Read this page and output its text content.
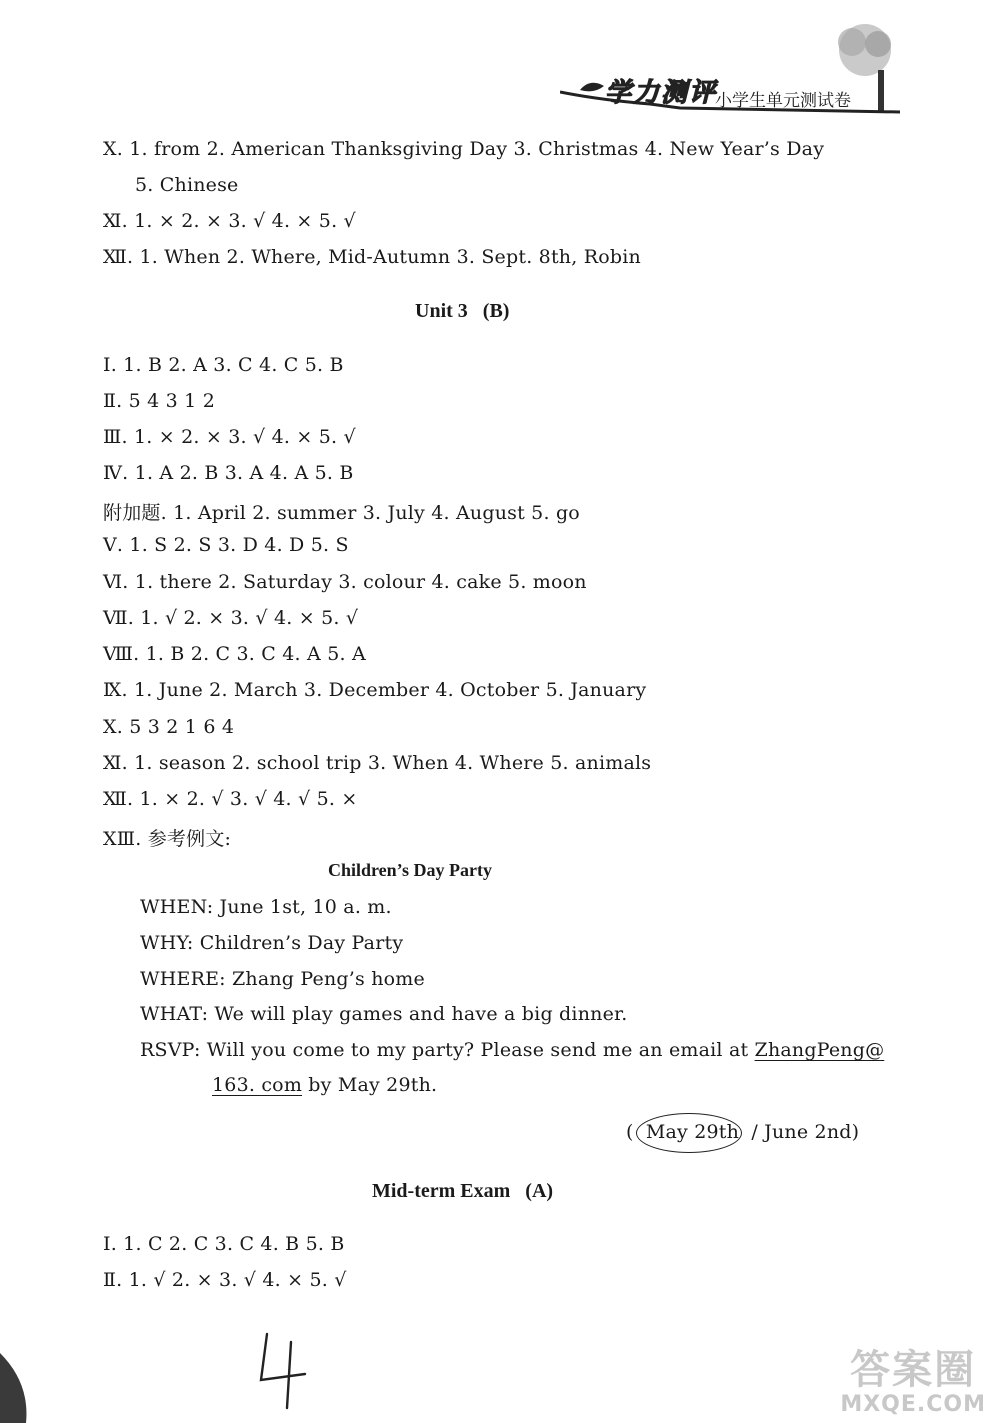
学力测评
小学生单元测试卷
Ⅹ. 1. from 2. American Thanksgiving Day 3. Christmas 4. New Year’s Day
5. Chinese
Ⅺ. 1. × 2. × 3. √ 4. × 5. √
Ⅻ. 1. When 2. Where, Mid-Autumn 3. Sept. 8th, Robin
Ⅰ. 1. B 2. A 3. C 4. C 5. B
Ⅱ. 5 4 3 1 2
Ⅲ. 1. × 2. × 3. √ 4. × 5. √
Ⅳ. 1. A 2. B 3. A 4. A 5. B
附加题. 1. April 2. summer 3. July 4. August 5. go
Ⅴ. 1. S 2. S 3. D 4. D 5. S
Ⅵ. 1. there 2. Saturday 3. colour 4. cake 5. moon
Ⅶ. 1. √ 2. × 3. √ 4. × 5. √
Ⅷ. 1. B 2. C 3. C 4. A 5. A
Ⅸ. 1. June 2. March 3. December 4. October 5. January
Ⅹ. 5 3 2 1 6 4
Ⅺ. 1. season 2. school trip 3. When 4. Where 5. animals
Ⅻ. 1. × 2. √ 3. √ 4. √ 5. ×
ⅩⅢ. 参考例文:
WHEN: June 1st, 10 a. m.
WHY: Children’s Day Party
WHERE: Zhang Peng’s home
WHAT: We will play games and have a big dinner.
Ⅰ. 1. C 2. C 3. C 4. B 5. B
Ⅱ. 1. √ 2. × 3. √ 4. × 5. √
Unit 3   (B)
Children’s Day Party
RSVP: Will you come to my party? Please send me an email at ZhangPeng@
163. com by May 29th.
( May 29th / June 2nd)
Mid-term Exam   (A)
答案圈
MXQE.COM
